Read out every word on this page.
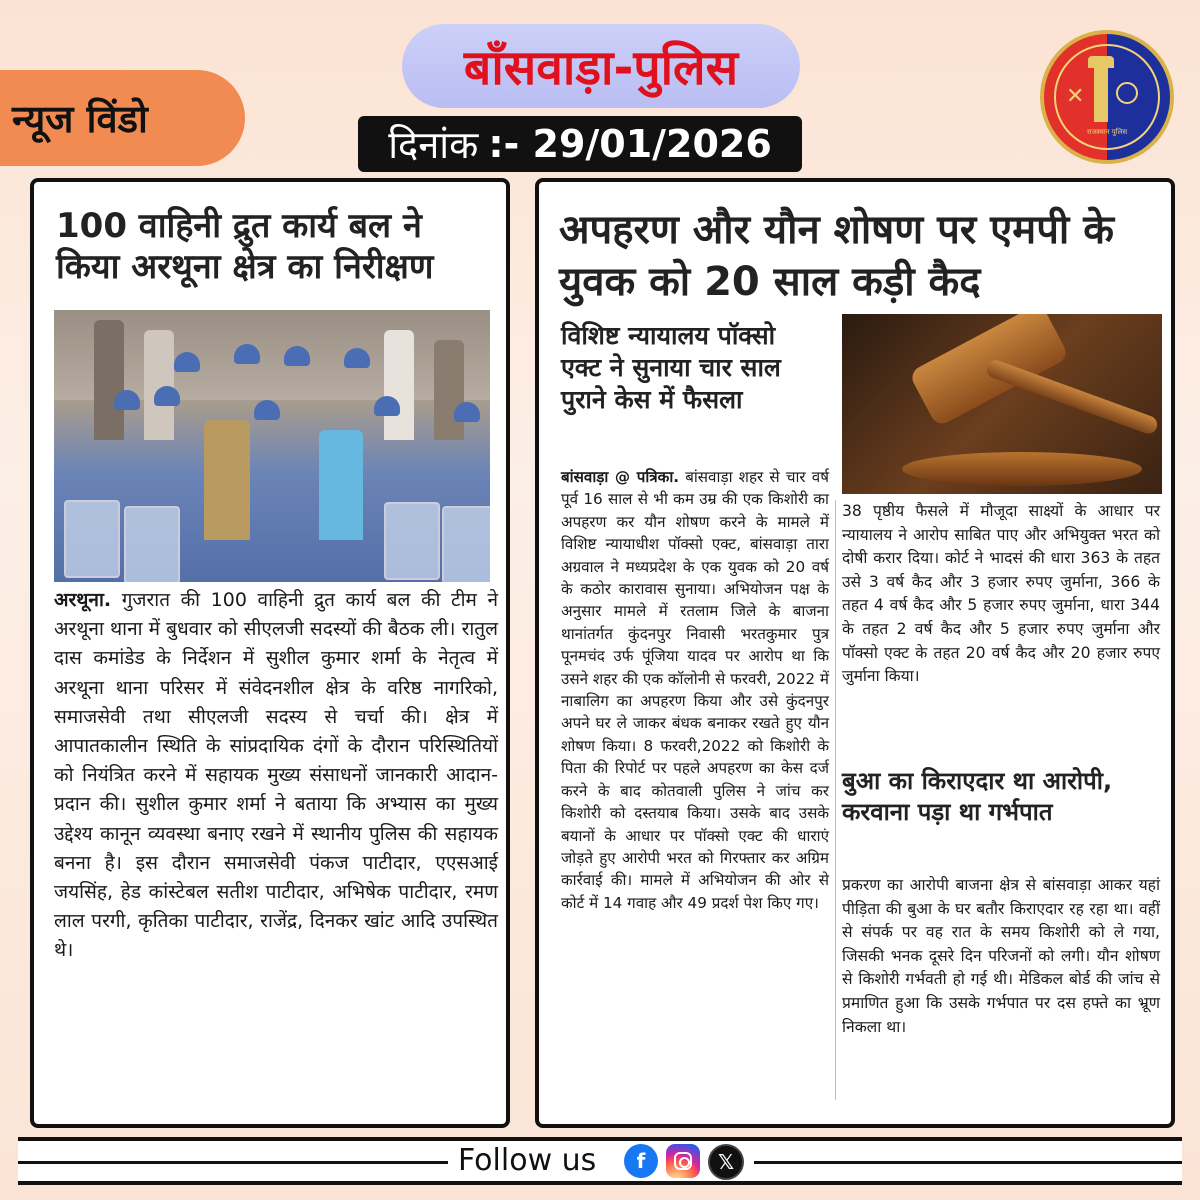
बाँसवाड़ा-पुलिस
न्यूज विंडो
दिनांक :- 29/01/2026
✕
राजस्थान पुलिस
100 वाहिनी द्रुत कार्य बल ने किया अरथूना क्षेत्र का निरीक्षण
अरथूना. गुजरात की 100 वाहिनी द्रुत कार्य बल की टीम ने अरथूना थाना में बुधवार को सीएलजी सदस्यों की बैठक ली। रातुल दास कमांडेड के निर्देशन में सुशील कुमार शर्मा के नेतृत्व में अरथूना थाना परिसर में संवेदनशील क्षेत्र के वरिष्ठ नागरिको, समाजसेवी तथा सीएलजी सदस्य से चर्चा की। क्षेत्र में आपातकालीन स्थिति के सांप्रदायिक दंगों के दौरान परिस्थितियों को नियंत्रित करने में सहायक मुख्य संसाधनों जानकारी आदान-प्रदान की। सुशील कुमार शर्मा ने बताया कि अभ्यास का मुख्य उद्देश्य कानून व्यवस्था बनाए रखने में स्थानीय पुलिस की सहायक बनना है। इस दौरान समाजसेवी पंकज पाटीदार, एएसआई जयसिंह, हेड कांस्टेबल सतीश पाटीदार, अभिषेक पाटीदार, रमण लाल परगी, कृतिका पाटीदार, राजेंद्र, दिनकर खांट आदि उपस्थित थे।
अपहरण और यौन शोषण पर एमपी के युवक को 20 साल कड़ी कैद
विशिष्ट न्यायालय पॉक्सो एक्ट ने सुनाया चार साल पुराने केस में फैसला
बांसवाड़ा @ पत्रिका. बांसवाड़ा शहर से चार वर्ष पूर्व 16 साल से भी कम उम्र की एक किशोरी का अपहरण कर यौन शोषण करने के मामले में विशिष्ट न्यायाधीश पॉक्सो एक्ट, बांसवाड़ा तारा अग्रवाल ने मध्यप्रदेश के एक युवक को 20 वर्ष के कठोर कारावास सुनाया। अभियोजन पक्ष के अनुसार मामले में रतलाम जिले के बाजना थानांतर्गत कुंदनपुर निवासी भरतकुमार पुत्र पूनमचंद उर्फ पूंजिया यादव पर आरोप था कि उसने शहर की एक कॉलोनी से फरवरी, 2022 में नाबालिग का अपहरण किया और उसे कुंदनपुर अपने घर ले जाकर बंधक बनाकर रखते हुए यौन शोषण किया। 8 फरवरी,2022 को किशोरी के पिता की रिपोर्ट पर पहले अपहरण का केस दर्ज करने के बाद कोतवाली पुलिस ने जांच कर किशोरी को दस्तयाब किया। उसके बाद उसके बयानों के आधार पर पॉक्सो एक्ट की धाराएं जोड़ते हुए आरोपी भरत को गिरफ्तार कर अग्रिम कार्रवाई की। मामले में अभियोजन की ओर से कोर्ट में 14 गवाह और 49 प्रदर्श पेश किए गए।
38 पृष्ठीय फैसले में मौजूदा साक्ष्यों के आधार पर न्यायालय ने आरोप साबित पाए और अभियुक्त भरत को दोषी करार दिया। कोर्ट ने भादसं की धारा 363 के तहत उसे 3 वर्ष कैद और 3 हजार रुपए जुर्माना, 366 के तहत 4 वर्ष कैद और 5 हजार रुपए जुर्माना, धारा 344 के तहत 2 वर्ष कैद और 5 हजार रुपए जुर्माना और पॉक्सो एक्ट के तहत 20 वर्ष कैद और 20 हजार रुपए जुर्माना किया।
बुआ का किराएदार था आरोपी, करवाना पड़ा था गर्भपात
प्रकरण का आरोपी बाजना क्षेत्र से बांसवाड़ा आकर यहां पीड़िता की बुआ के घर बतौर किराएदार रह रहा था। वहीं से संपर्क पर वह रात के समय किशोरी को ले गया, जिसकी भनक दूसरे दिन परिजनों को लगी। यौन शोषण से किशोरी गर्भवती हो गई थी। मेडिकल बोर्ड की जांच से प्रमाणित हुआ कि उसके गर्भपात पर दस हफ्ते का भ्रूण निकला था।
Follow us f	𝕏
